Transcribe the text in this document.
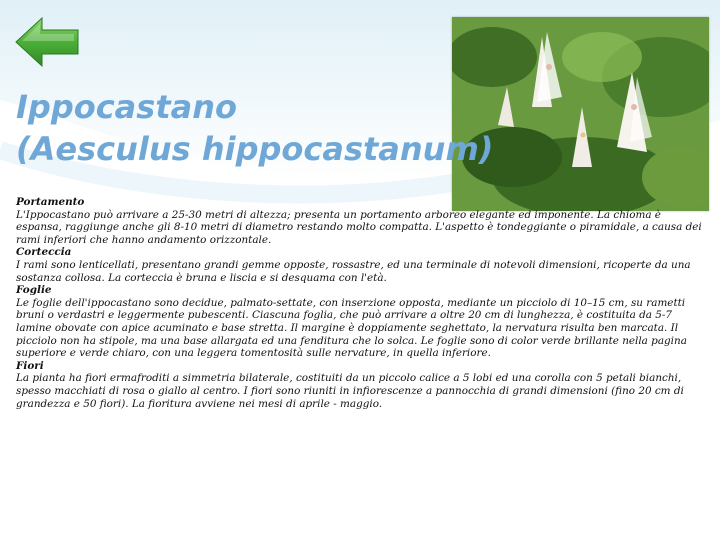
Ippocastano
(Aesculus hippocastanum)

Portamento

L'Ippocastano può arrivare a 25-30 metri di altezza; presenta un portamento arboreo elegante ed imponente. La chioma è espansa, raggiunge anche gli 8-10 metri di diametro restando molto compatta. L'aspetto è tondeggiante o piramidale, a causa dei rami inferiori che hanno andamento orizzontale.

Corteccia

I rami sono lenticellati, presentano grandi gemme opposte, rossastre, ed una terminale di notevoli dimensioni, ricoperte da una sostanza collosa. La corteccia è bruna e liscia e si desquama con l'età.

Foglie

Le foglie dell'ippocastano sono decidue, palmato-settate, con inserzione opposta, mediante un picciolo di 10–15 cm, su rametti bruni o verdastri e leggermente pubescenti. Ciascuna foglia, che può arrivare a oltre 20 cm di lunghezza, è costituita da 5-7 lamine obovate con apice acuminato e base stretta. Il margine è doppiamente seghettato, la nervatura risulta ben marcata. Il picciolo non ha stipole, ma una base allargata ed una fenditura che lo solca. Le foglie sono di color verde brillante nella pagina superiore e verde chiaro, con una leggera tomentosità sulle nervature, in quella inferiore.

Fiori

La pianta ha fiori ermafroditi a simmetria bilaterale, costituiti da un piccolo calice a 5 lobi ed una corolla con 5 petali bianchi, spesso macchiati di rosa o giallo al centro. I fiori sono riuniti in infiorescenze a pannocchia di grandi dimensioni (fino 20 cm di grandezza e 50 fiori). La fioritura avviene nei mesi di aprile - maggio.
